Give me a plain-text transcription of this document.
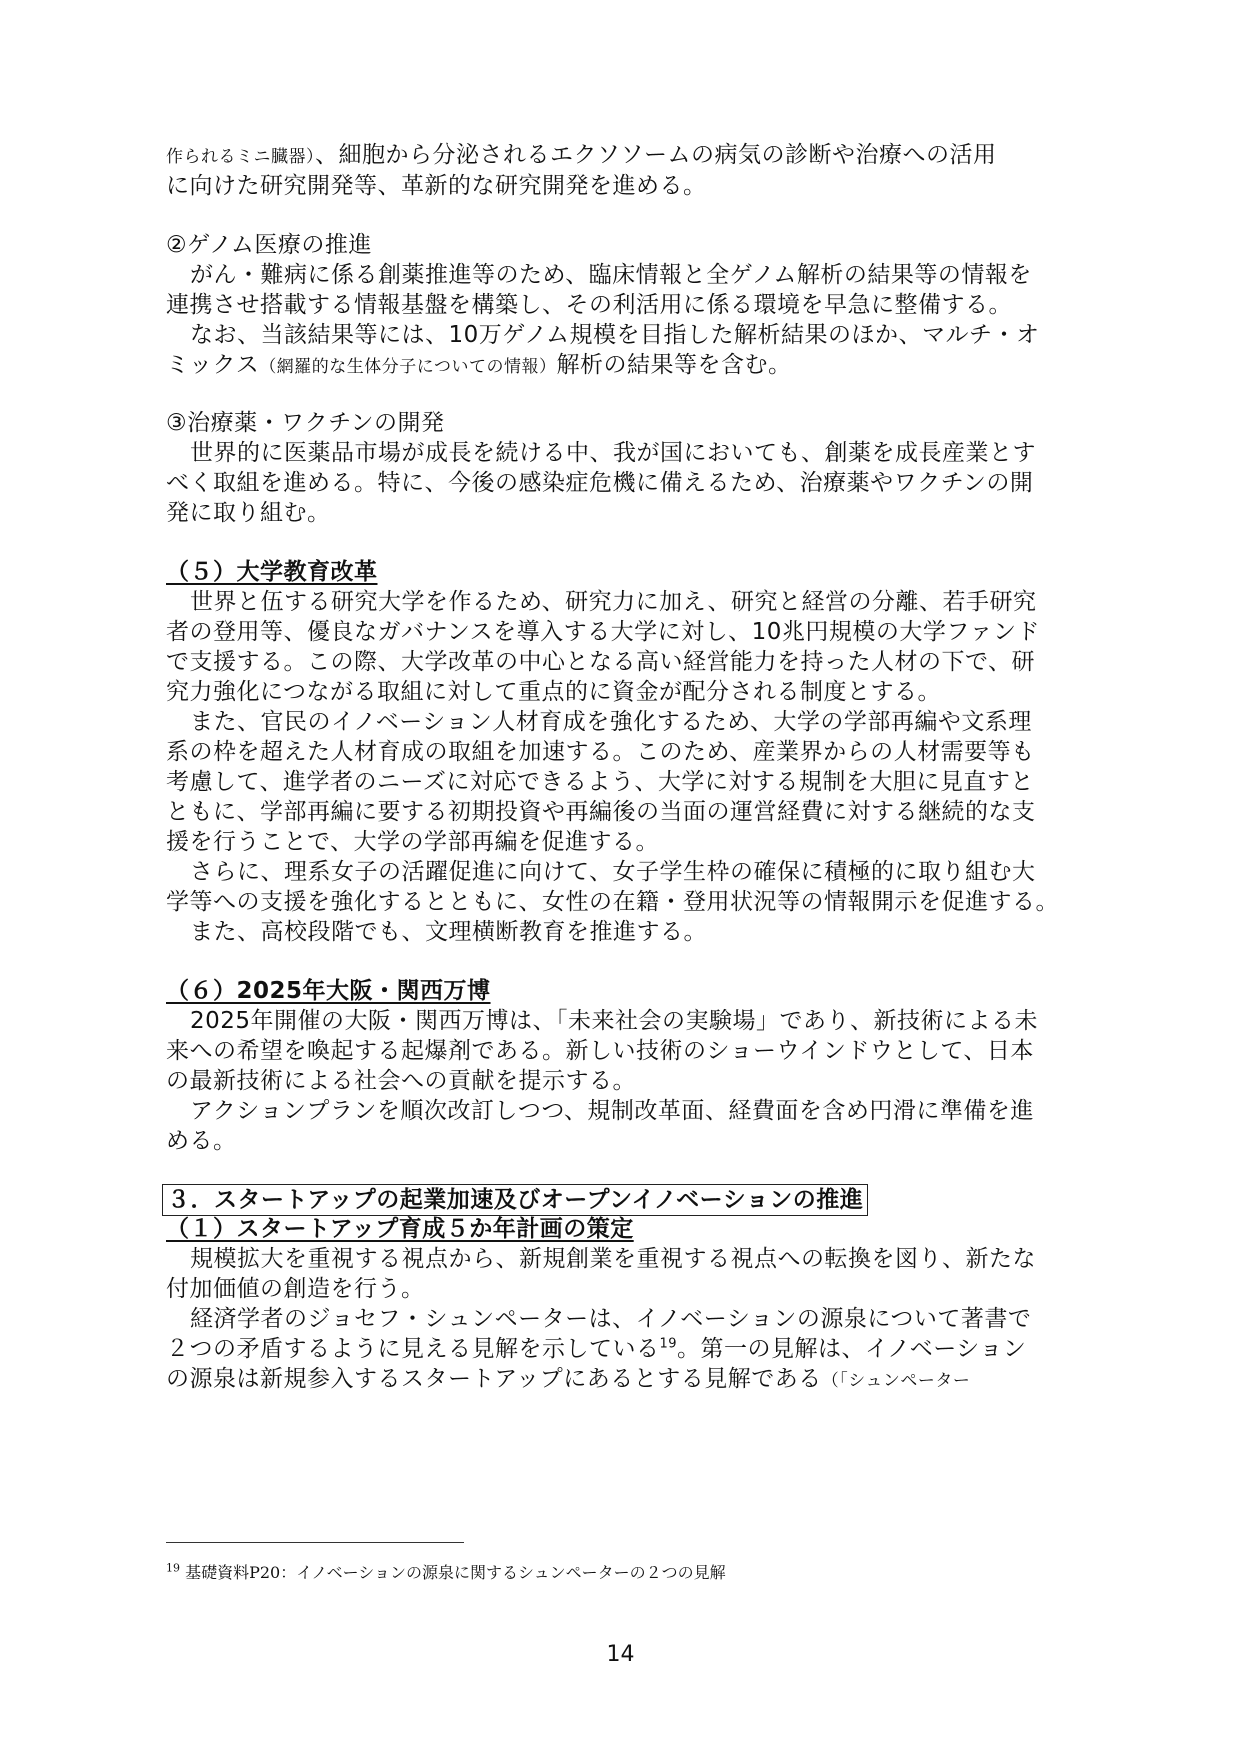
作られるミニ臓器）、細胞から分泌されるエクソソームの病気の診断や治療への活用
に向けた研究開発等、革新的な研究開発を進める。
②ゲノム医療の推進
がん・難病に係る創薬推進等のため、臨床情報と全ゲノム解析の結果等の情報を
連携させ搭載する情報基盤を構築し、その利活用に係る環境を早急に整備する。
なお、当該結果等には、10万ゲノム規模を目指した解析結果のほか、マルチ・オ
ミックス（網羅的な生体分子についての情報）解析の結果等を含む。
③治療薬・ワクチンの開発
世界的に医薬品市場が成長を続ける中、我が国においても、創薬を成長産業とす
べく取組を進める。特に、今後の感染症危機に備えるため、治療薬やワクチンの開
発に取り組む。
（５）大学教育改革
世界と伍する研究大学を作るため、研究力に加え、研究と経営の分離、若手研究
者の登用等、優良なガバナンスを導入する大学に対し、10兆円規模の大学ファンド
で支援する。この際、大学改革の中心となる高い経営能力を持った人材の下で、研
究力強化につながる取組に対して重点的に資金が配分される制度とする。
また、官民のイノベーション人材育成を強化するため、大学の学部再編や文系理
系の枠を超えた人材育成の取組を加速する。このため、産業界からの人材需要等も
考慮して、進学者のニーズに対応できるよう、大学に対する規制を大胆に見直すと
ともに、学部再編に要する初期投資や再編後の当面の運営経費に対する継続的な支
援を行うことで、大学の学部再編を促進する。
さらに、理系女子の活躍促進に向けて、女子学生枠の確保に積極的に取り組む大
学等への支援を強化するとともに、女性の在籍・登用状況等の情報開示を促進する。
また、高校段階でも、文理横断教育を推進する。
（６）2025年大阪・関西万博
2025年開催の大阪・関西万博は、「未来社会の実験場」であり、新技術による未
来への希望を喚起する起爆剤である。新しい技術のショーウインドウとして、日本
の最新技術による社会への貢献を提示する。
アクションプランを順次改訂しつつ、規制改革面、経費面を含め円滑に準備を進
める。
３．スタートアップの起業加速及びオープンイノベーションの推進
（１）スタートアップ育成５か年計画の策定
規模拡大を重視する視点から、新規創業を重視する視点への転換を図り、新たな
付加価値の創造を行う。
経済学者のジョセフ・シュンペーターは、イノベーションの源泉について著書で
２つの矛盾するように見える見解を示している$^{19}$。第一の見解は、イノベーション
の源泉は新規参入するスタートアップにあるとする見解である（「シュンペーター
$^{19}$ 基礎資料P20：イノベーションの源泉に関するシュンペーターの２つの見解
14
